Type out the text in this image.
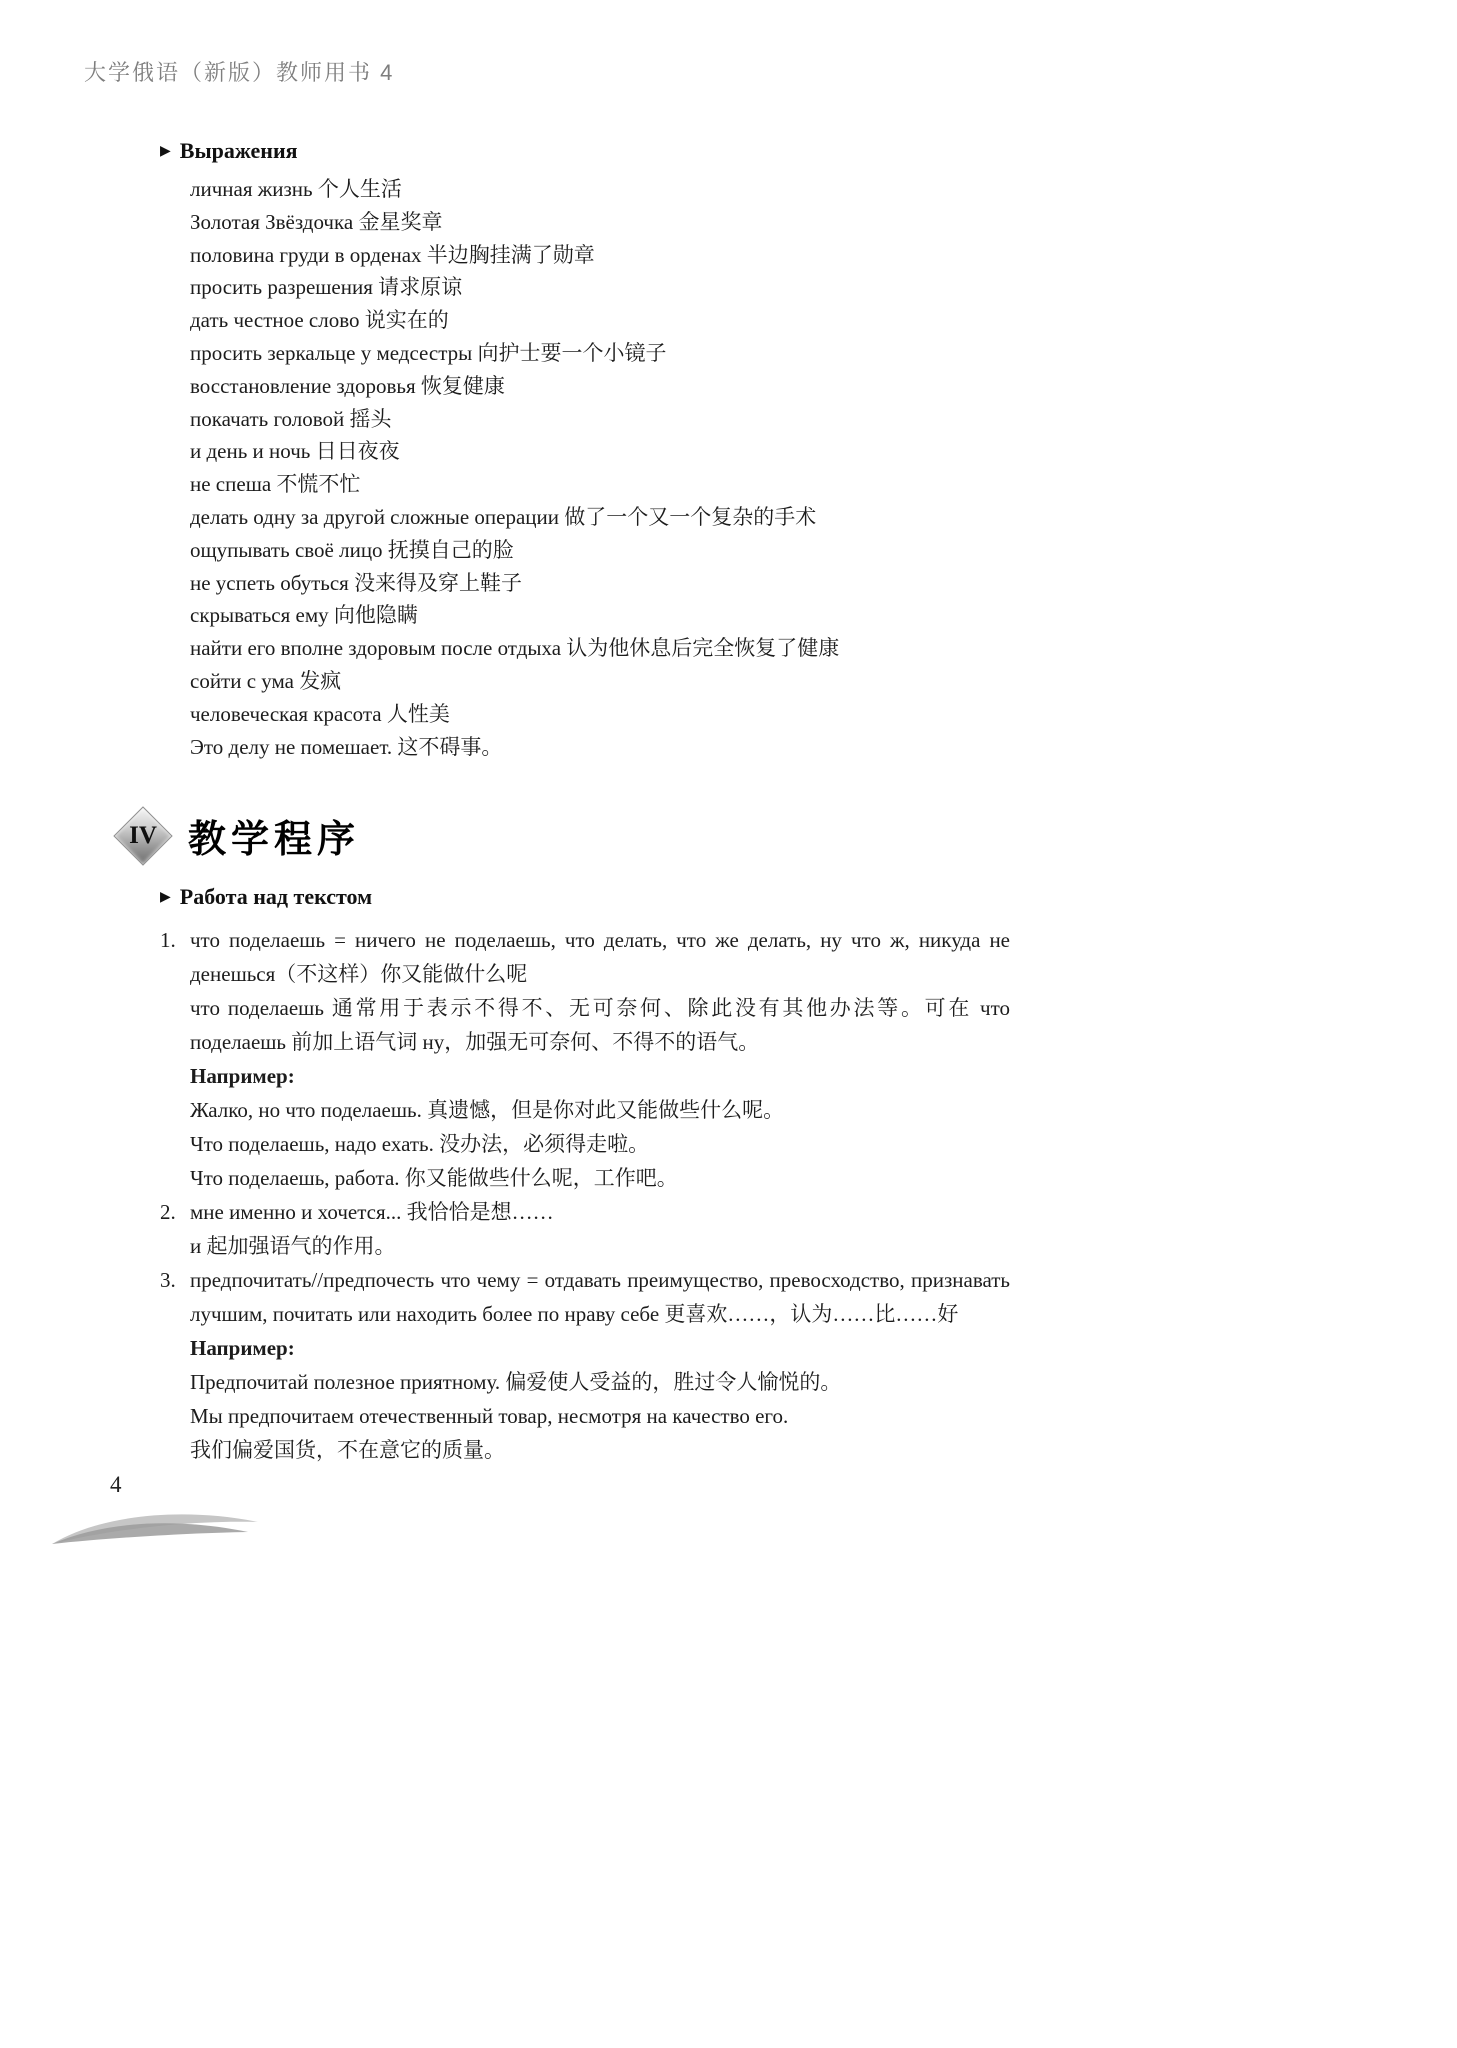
大学俄语（新版）教师用书 4
▶ Выражения
личная жизнь 个人生活
Золотая Звёздочка 金星奖章
половина груди в орденах 半边胸挂满了勋章
просить разрешения 请求原谅
дать честное слово 说实在的
просить зеркальце у медсестры 向护士要一个小镜子
восстановление здоровья 恢复健康
покачать головой 摇头
и день и ночь 日日夜夜
не спеша 不慌不忙
делать одну за другой сложные операции 做了一个又一个复杂的手术
ощупывать своё лицо 抚摸自己的脸
не успеть обуться 没来得及穿上鞋子
скрываться ему 向他隐瞒
найти его вполне здоровым после отдыха 认为他休息后完全恢复了健康
сойти с ума 发疯
человеческая красота 人性美
Это делу не помешает. 这不碍事。
IV 教学程序
▶ Работа над текстом
1. что поделаешь = ничего не поделаешь, что делать, что же делать, ну что ж, никуда не денешься（不这样）你又能做什么呢

что поделаешь 通常用于表示不得不、无可奈何、除此没有其他办法等。可在 что поделаешь 前加上语气词 ну，加强无可奈何、不得不的语气。

Например:

Жалко, но что поделаешь. 真遗憾，但是你对此又能做些什么呢。

Что поделаешь, надо ехать. 没办法，必须得走啦。

Что поделаешь, работа. 你又能做些什么呢，工作吧。

2. мне именно и хочется... 我恰恰是想……

и 起加强语气的作用。

3. предпочитать//предпочесть что чему = отдавать преимущество, превосходство, признавать лучшим, почитать или находить более по нраву себе 更喜欢……，认为……比……好

Например:

Предпочитай полезное приятному. 偏爱使人受益的，胜过令人愉悦的。

Мы предпочитаем отечественный товар, несмотря на качество его.

我们偏爱国货，不在意它的质量。

4
